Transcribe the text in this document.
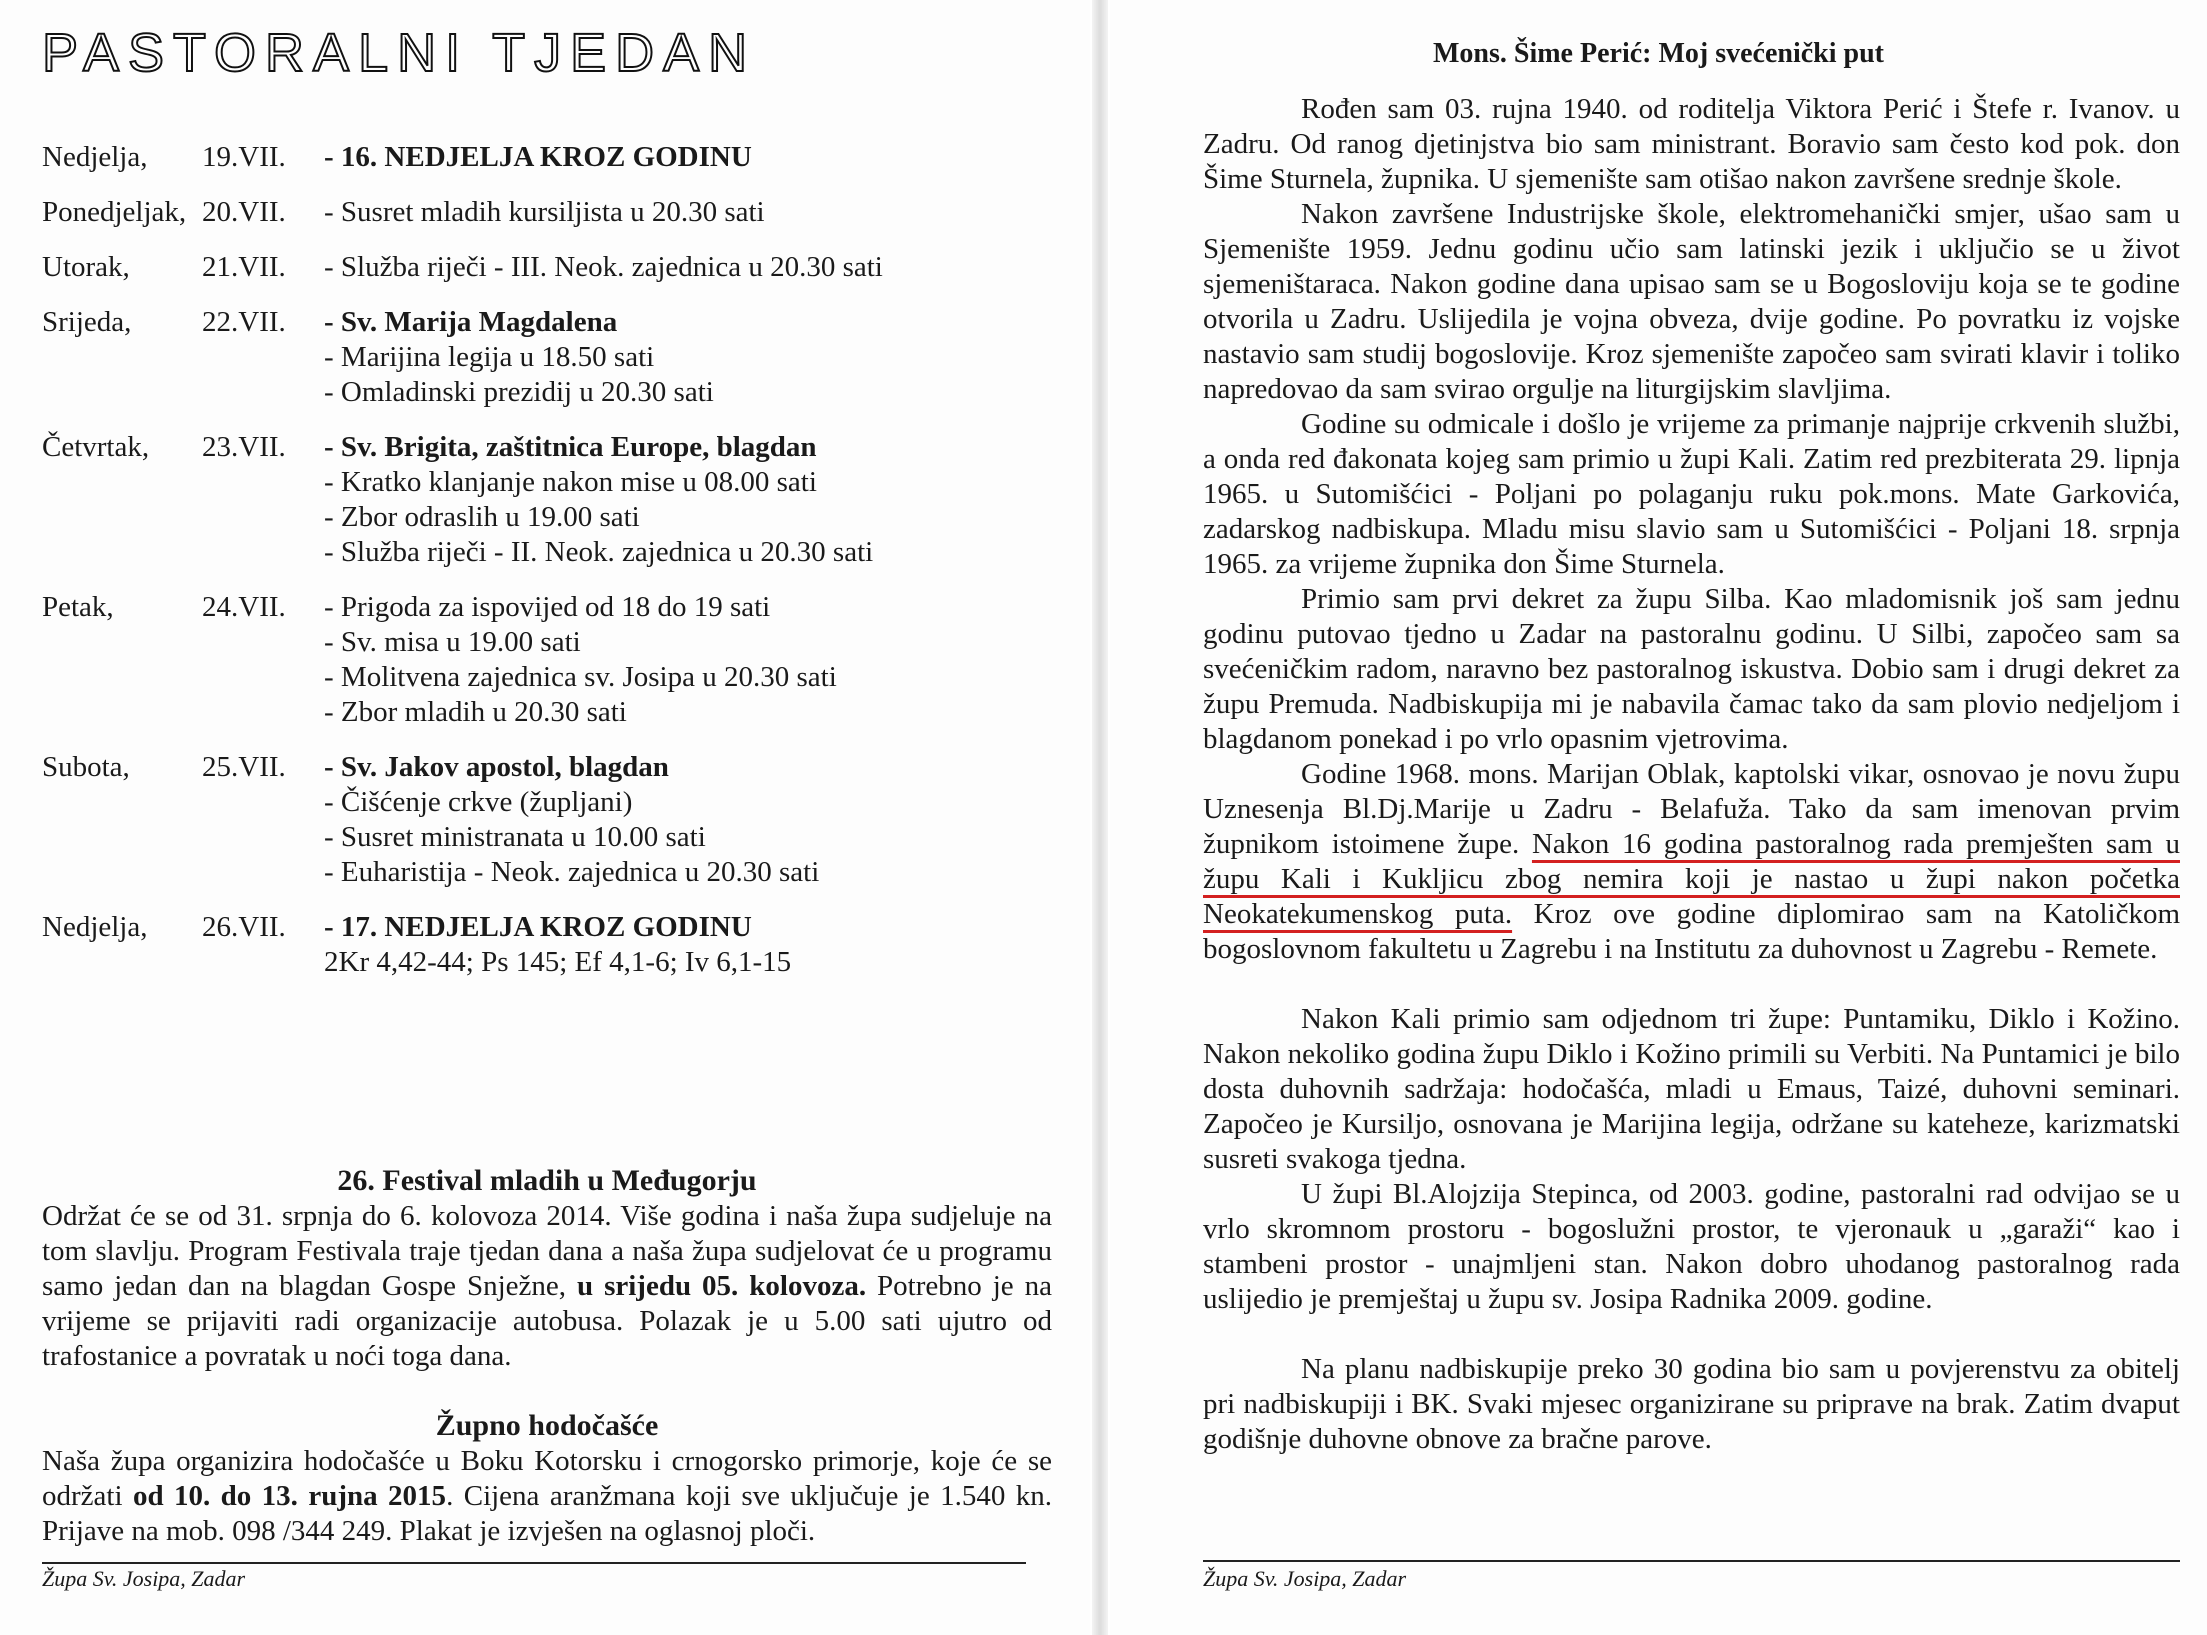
PASTORALNI TJEDAN
Nedjelja,	19.VII.	- 16. NEDJELJA KROZ GODINU
Ponedjeljak, 20.VII.	- Susret mladih kursiljista u 20.30 sati
Utorak,	21.VII.	- Služba riječi - III. Neok. zajednica u 20.30 sati
Srijeda,	22.VII.	- Sv. Marija Magdalena
- Marijina legija u 18.50 sati
- Omladinski prezidij u 20.30 sati
Četvrtak,	23.VII.	- Sv. Brigita, zaštitnica Europe, blagdan
- Kratko klanjanje nakon mise u 08.00 sati
- Zbor odraslih u 19.00 sati
- Služba riječi - II. Neok. zajednica u 20.30 sati
Petak,	24.VII.	- Prigoda za ispovijed od 18 do 19 sati
- Sv. misa u 19.00 sati
- Molitvena zajednica sv. Josipa u 20.30 sati
- Zbor mladih u 20.30 sati
Subota,	25.VII.	- Sv. Jakov apostol, blagdan
- Čišćenje crkve (župljani)
- Susret ministranata u 10.00 sati
- Euharistija - Neok. zajednica u 20.30 sati
Nedjelja,	26.VII.	- 17. NEDJELJA KROZ GODINU
2Kr 4,42-44; Ps 145; Ef 4,1-6; Iv 6,1-15
26. Festival mladih u Međugorju
Održat će se od 31. srpnja do 6. kolovoza 2014. Više godina i naša župa sudjeluje na tom slavlju. Program Festivala traje tjedan dana a naša župa sudjelovat će u programu samo jedan dan na blagdan Gospe Snježne, u srijedu 05. kolovoza. Potrebno je na vrijeme se prijaviti radi organizacije autobusa. Polazak je u 5.00 sati ujutro od trafostanice a povratak u noći toga dana.
Župno hodočašće
Naša župa organizira hodočašće u Boku Kotorsku i crnogorsko primorje, koje će se održati od 10. do 13. rujna 2015. Cijena aranžmana koji sve uključuje je 1.540 kn. Prijave na mob. 098 /344 249. Plakat je izvješen na oglasnoj ploči.
Župa Sv. Josipa, Zadar
Mons. Šime Perić: Moj svećenički put

Rođen sam 03. rujna 1940. od roditelja Viktora Perić i Štefe r. Ivanov. u Zadru. Od ranog djetinjstva bio sam ministrant. Boravio sam često kod pok. don Šime Sturnela, župnika. U sjemenište sam otišao nakon završene srednje škole.

Nakon završene Industrijske škole, elektromehanički smjer, ušao sam u Sjemenište 1959. Jednu godinu učio sam latinski jezik i uključio se u život sjemeništaraca. Nakon godine dana upisao sam se u Bogosloviju koja se te godine otvorila u Zadru. Uslijedila je vojna obveza, dvije godine. Po povratku iz vojske nastavio sam studij bogoslovije. Kroz sjemenište započeo sam svirati klavir i toliko napredovao da sam svirao orgulje na liturgijskim slavljima.

Godine su odmicale i došlo je vrijeme za primanje najprije crkvenih službi, a onda red đakonata kojeg sam primio u župi Kali. Zatim red prezbiterata 29. lipnja 1965. u Sutomišćici - Poljani po polaganju ruku pok.mons. Mate Garkovića, zadarskog nadbiskupa. Mladu misu slavio sam u Sutomišćici - Poljani 18. srpnja 1965. za vrijeme župnika don Šime Sturnela.

Primio sam prvi dekret za župu Silba. Kao mladomisnik još sam jednu godinu putovao tjedno u Zadar na pastoralnu godinu. U Silbi, započeo sam sa svećeničkim radom, naravno bez pastoralnog iskustva. Dobio sam i drugi dekret za župu Premuda. Nadbiskupija mi je nabavila čamac tako da sam plovio nedjeljom i blagdanom ponekad i po vrlo opasnim vjetrovima.

Godine 1968. mons. Marijan Oblak, kaptolski vikar, osnovao je novu župu Uznesenja Bl.Dj.Marije u Zadru - Belafuža. Tako da sam imenovan prvim župnikom istoimene župe. Nakon 16 godina pastoralnog rada premješten sam u župu Kali i Kukljicu zbog nemira koji je nastao u župi nakon početka Neokatekumenskog puta. Kroz ove godine diplomirao sam na Katoličkom bogoslovnom fakultetu u Zagrebu i na Institutu za duhovnost u Zagrebu - Remete.

Nakon Kali primio sam odjednom tri župe: Puntamiku, Diklo i Kožino. Nakon nekoliko godina župu Diklo i Kožino primili su Verbiti. Na Puntamici je bilo dosta duhovnih sadržaja: hodočašća, mladi u Emaus, Taizé, duhovni seminari. Započeo je Kursiljo, osnovana je Marijina legija, održane su kateheze, karizmatski susreti svakoga tjedna.

U župi Bl.Alojzija Stepinca, od 2003. godine, pastoralni rad odvijao se u vrlo skromnom prostoru - bogoslužni prostor, te vjeronauk u „garaži“ kao i stambeni prostor - unajmljeni stan. Nakon dobro uhodanog pastoralnog rada uslijedio je premještaj u župu sv. Josipa Radnika 2009. godine.

Na planu nadbiskupije preko 30 godina bio sam u povjerenstvu za obitelj pri nadbiskupiji i BK. Svaki mjesec organizirane su priprave na brak. Zatim dvaput godišnje duhovne obnove za bračne parove.

Župa Sv. Josipa, Zadar
